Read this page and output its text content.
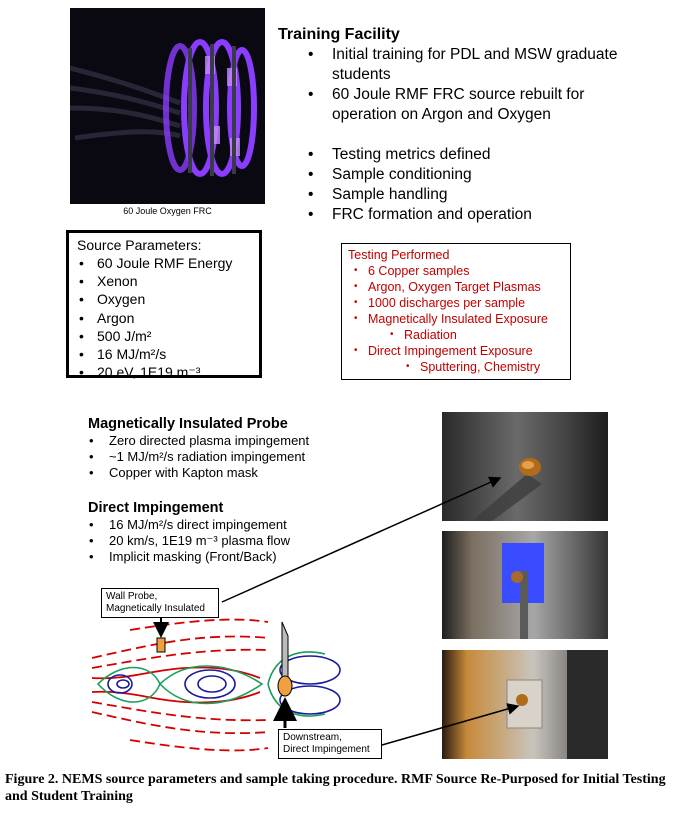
60 Joule Oxygen FRC
Training Facility
• Initial training for PDL and MSW graduate students
• 60 Joule RMF FRC source rebuilt for operation on Argon and Oxygen
• Testing metrics defined
• Sample conditioning
• Sample handling
• FRC formation and operation
Source Parameters:
• 60 Joule RMF Energy
• Xenon
• Oxygen
• Argon
• 500 J/m²
• 16 MJ/m²/s
• 20 eV, 1E19 m⁻³
Testing Performed
• 6 Copper samples
• Argon, Oxygen Target Plasmas
• 1000 discharges per sample
• Magnetically Insulated Exposure
• Radiation
• Direct Impingement Exposure
• Sputtering, Chemistry
Magnetically Insulated Probe
• Zero directed plasma impingement
• ~1 MJ/m²/s radiation impingement
• Copper with Kapton mask
Direct Impingement
• 16 MJ/m²/s direct impingement
• 20 km/s, 1E19 m⁻³ plasma flow
• Implicit masking (Front/Back)
Wall Probe,
Magnetically Insulated
Downstream,
Direct Impingement
Figure 2. NEMS source parameters and sample taking procedure. RMF Source Re-Purposed for Initial Testing and Student Training
